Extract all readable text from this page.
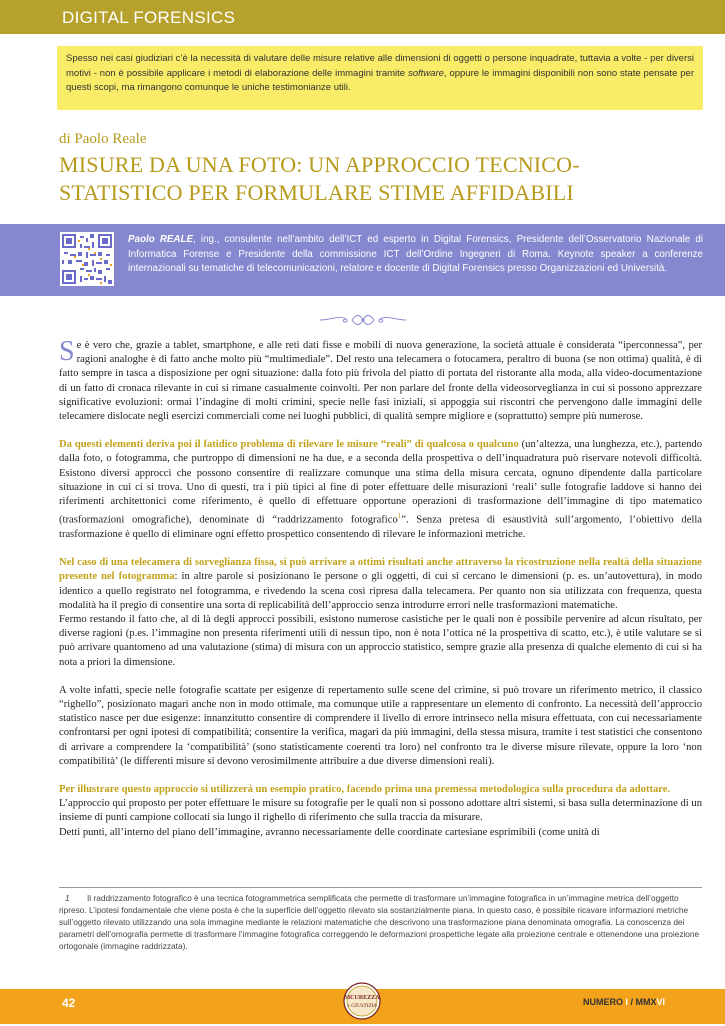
DIGITAL FORENSICS
Spesso nei casi giudiziari c’è la necessità di valutare delle misure relative alle dimensioni di oggetti o persone inquadrate, tuttavia a volte - per diversi motivi - non è possibile applicare i metodi di elaborazione delle immagini tramite software, oppure le immagini disponibili non sono state pensate per questi scopi, ma rimangono comunque le uniche testimonianze utili.
di Paolo Reale
MISURE DA UNA FOTO: UN APPROCCIO TECNICO-STATISTICO PER FORMULARE STIME AFFIDABILI
Paolo REALE, ing., consulente nell’ambito dell’ICT ed esperto in Digital Forensics, Presidente dell’Osservatorio Nazionale di Informatica Forense e Presidente della commissione ICT dell’Ordine Ingegneri di Roma. Keynote speaker a conferenze internazionali su tematiche di telecomunicazioni, relatore e docente di Digital Forensics presso Organizzazioni ed Università.

Se è vero che, grazie a tablet, smartphone, e alle reti dati fisse e mobili di nuova generazione, la società attuale è considerata “iperconnessa”, per ragioni analoghe è di fatto anche molto più “multimediale”. Del resto una telecamera o fotocamera, peraltro di buona (se non ottima) qualità, è di fatto sempre in tasca a disposizione per ogni situazione: dalla foto più frivola del piatto di portata del ristorante alla moda, alla video-documentazione di un fatto di cronaca rilevante in cui si rimane casualmente coinvolti. Per non parlare del fronte della videosorveglianza in cui si possono apprezzare significative evoluzioni: ormai l’indagine di molti crimini, specie nelle fasi iniziali, si appoggia sui riscontri che pervengono dalle immagini delle telecamere dislocate negli esercizi commerciali come nei luoghi pubblici, di qualità sempre migliore e (soprattutto) sempre più numerose.

Da questi elementi deriva poi il fatidico problema di rilevare le misure “reali” di qualcosa o qualcuno (un’altezza, una lunghezza, etc.), partendo dalla foto, o fotogramma, che purtroppo di dimensioni ne ha due, e a seconda della prospettiva o dell’inquadratura può riservare notevoli difficoltà. Esistono diversi approcci che possono consentire di realizzare comunque una stima della misura cercata, ognuno dipendente dalla particolare situazione in cui ci si trova. Uno di questi, tra i più tipici al fine di poter effettuare delle misurazioni ‘reali’ sulle fotografie laddove si hanno dei riferimenti architettonici come riferimento, è quello di effettuare opportune operazioni di trasformazione dell’immagine di tipo matematico (trasformazioni omografiche), denominate di “raddrizzamento fotografico$^1$”. Senza pretesa di esaustività sull’argomento, l’obiettivo della trasformazione è quello di eliminare ogni effetto prospettico consentendo di rilevare le informazioni metriche.

Nel caso di una telecamera di sorveglianza fissa, si può arrivare a ottimi risultati anche attraverso la ricostruzione nella realtà della situazione presente nel fotogramma: in altre parole si posizionano le persone o gli oggetti, di cui si cercano le dimensioni (p. es. un’autovettura), in modo identico a quello registrato nel fotogramma, e rivedendo la scena così ripresa dalla telecamera. Per quanto non sia utilizzata con frequenza, questa modalità ha il pregio di consentire una sorta di replicabilità dell’approccio senza introdurre errori nelle trasformazioni matematiche.

Fermo restando il fatto che, al di là degli approcci possibili, esistono numerose casistiche per le quali non è possibile pervenire ad alcun risultato, per diverse ragioni (p.es. l’immagine non presenta riferimenti utili di nessun tipo, non è nota l’ottica né la prospettiva di scatto, etc.), è utile valutare se si può arrivare quantomeno ad una valutazione (stima) di misura con un approccio statistico, sempre grazie alla presenza di qualche elemento di cui si ha nota a priori la dimensione.

A volte infatti, specie nelle fotografie scattate per esigenze di repertamento sulle scene del crimine, si può trovare un riferimento metrico, il classico “righello”, posizionato magari anche non in modo ottimale, ma comunque utile a rappresentare un elemento di confronto. La necessità dell’approccio statistico nasce per due esigenze: innanzitutto consentire di comprendere il livello di errore intrinseco nella misura effettuata, con cui necessariamente confrontarsi per ogni ipotesi di compatibilità; consentire la verifica, magari da più immagini, della stessa misura, tramite i test statistici che consentono di arrivare a comprendere la ‘compatibilità’ (sono statisticamente coerenti tra loro) nel confronto tra le diverse misure rilevate, oppure la loro ‘non compatibilità’ (le differenti misure si devono verosimilmente attribuire a due diverse dimensioni reali).

Per illustrare questo approccio si utilizzerà un esempio pratico, facendo prima una premessa metodologica sulla procedura da adottare.

L’approccio qui proposto per poter effettuare le misure su fotografie per le quali non si possono adottare altri sistemi, si basa sulla determinazione di un insieme di punti campione collocati sia lungo il righello di riferimento che sulla traccia da misurare.

Detti punti, all’interno del piano dell’immagine, avranno necessariamente delle coordinate cartesiane esprimibili (come unità di

1 Il raddrizzamento fotografico è una tecnica fotogrammetrica semplificata che permette di trasformare un’immagine fotografica in un’immagine metrica dell’oggetto ripreso. L’ipotesi fondamentale che viene posta è che la superficie dell’oggetto rilevato sia sostanzialmente piana. In questo caso, è possibile ricavare informazioni metriche sull’oggetto rilevato utilizzando una sola immagine mediante le relazioni matematiche che descrivono una trasformazione piana denominata omografia. La conoscenza dei parametri dell’omografia permette di trasformare l’immagine fotografica correggendo le deformazioni prospettiche legate alla proiezione centrale e ottenendone una proiezione ortogonale (immagine raddrizzata).
42	SICUREZZA
e GIUSTIZIA	NUMERO I / MMXVI
